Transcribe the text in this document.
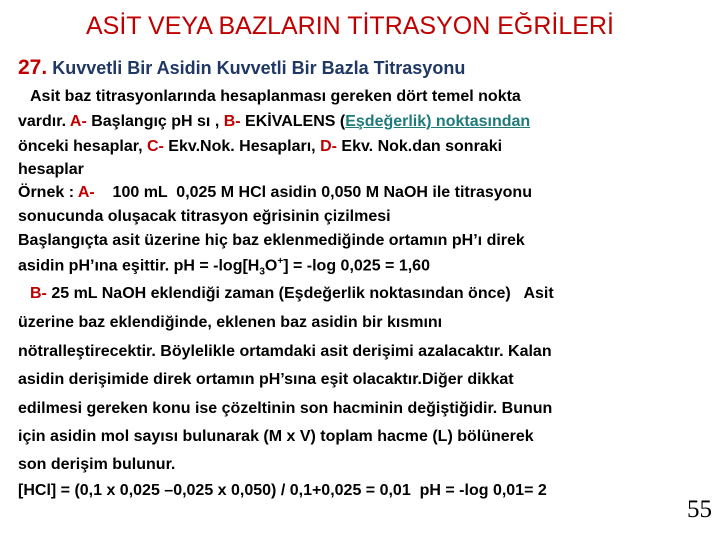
ASİT VEYA BAZLARIN TİTRASYON EĞRİLERİ
27. Kuvvetli Bir Asidin Kuvvetli Bir Bazla Titrasyonu
Asit baz titrasyonlarında hesaplanması gereken dört temel nokta
vardır. A- Başlangıç pH sı , B- EKİVALENS (Eşdeğerlik) noktasından
önceki hesaplar, C- Ekv.Nok. Hesapları, D- Ekv. Nok.dan sonraki
hesaplar
Örnek : A-    100 mL  0,025 M HCl asidin 0,050 M NaOH ile titrasyonu
sonucunda oluşacak titrasyon eğrisinin çizilmesi
Başlangıçta asit üzerine hiç baz eklenmediğinde ortamın pH’ı direk
asidin pH’ına eşittir. pH = $-\log[H_3O^+] = -\log$ 0,025 = 1,60
B- 25 mL NaOH eklendiği zaman (Eşdeğerlik noktasından önce)   Asit
üzerine baz eklendiğinde, eklenen baz asidin bir kısmını
nötralleştirecektir. Böylelikle ortamdaki asit derişimi azalacaktır. Kalan
asidin derişimide direk ortamın pH’sına eşit olacaktır.Diğer dikkat
edilmesi gereken konu ise çözeltinin son hacminin değiştiğidir. Bunun
için asidin mol sayısı bulunarak (M x V) toplam hacme (L) bölünerek
son derişim bulunur.
[HCl] = (0,1 x 0,025 –0,025 x 0,050) / 0,1+0,025 = 0,01  pH = -log 0,01= 2
55
